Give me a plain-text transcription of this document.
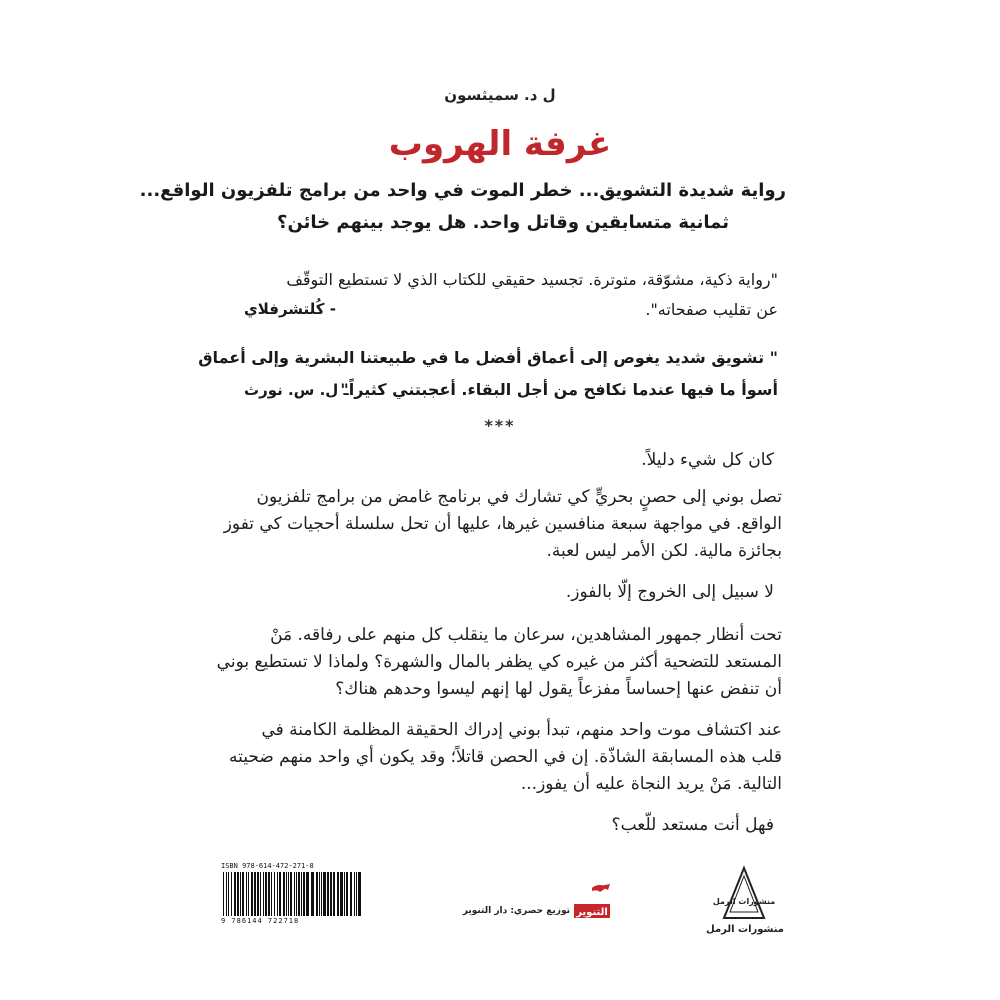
ل د. سميثسون
غرفة الهروب
رواية شديدة التشويق... خطر الموت في واحد من برامج تلفزيون الواقع...
ثمانية متسابقين وقاتل واحد. هل يوجد بينهم خائن؟
"رواية ذكية، مشوّقة، متوترة. تجسيد حقيقي للكتاب الذي لا تستطيع التوقّف
عن تقليب صفحاته".
- كُلتشرفلاي
" تشويق شديد يغوص إلى أعماق أفضل ما في طبيعتنا البشرية وإلى أعماق
أسوأ ما فيها عندما نكافح من أجل البقاء. أعجبتني كثيراً"
ـ ل. س. نورث
***
كان كل شيء دليلاً.
تصل بوني إلى حصنٍ بحريٍّ كي تشارك في برنامج غامض من برامج تلفزيون
الواقع. في مواجهة سبعة منافسين غيرها، عليها أن تحل سلسلة أحجيات كي تفوز
بجائزة مالية. لكن الأمر ليس لعبة.
لا سبيل إلى الخروج إلّا بالفوز.
تحت أنظار جمهور المشاهدين، سرعان ما ينقلب كل منهم على رفاقه. مَنْ
المستعد للتضحية أكثر من غيره كي يظفر بالمال والشهرة؟ ولماذا لا تستطيع بوني
أن تنفض عنها إحساساً مفزعاً يقول لها إنهم ليسوا وحدهم هناك؟
عند اكتشاف موت واحد منهم، تبدأ بوني إدراك الحقيقة المظلمة الكامنة في
قلب هذه المسابقة الشاذّة. إن في الحصن قاتلاً؛ وقد يكون أي واحد منهم ضحيته
التالية. مَنْ يريد النجاة عليه أن يفوز...
فهل أنت مستعد للّعب؟
ISBN 978-614-472-271-8
9 786144 722718
التنوير
توزيع حصري: دار التنوير
منشورات الرمل
منشورات الرمل
